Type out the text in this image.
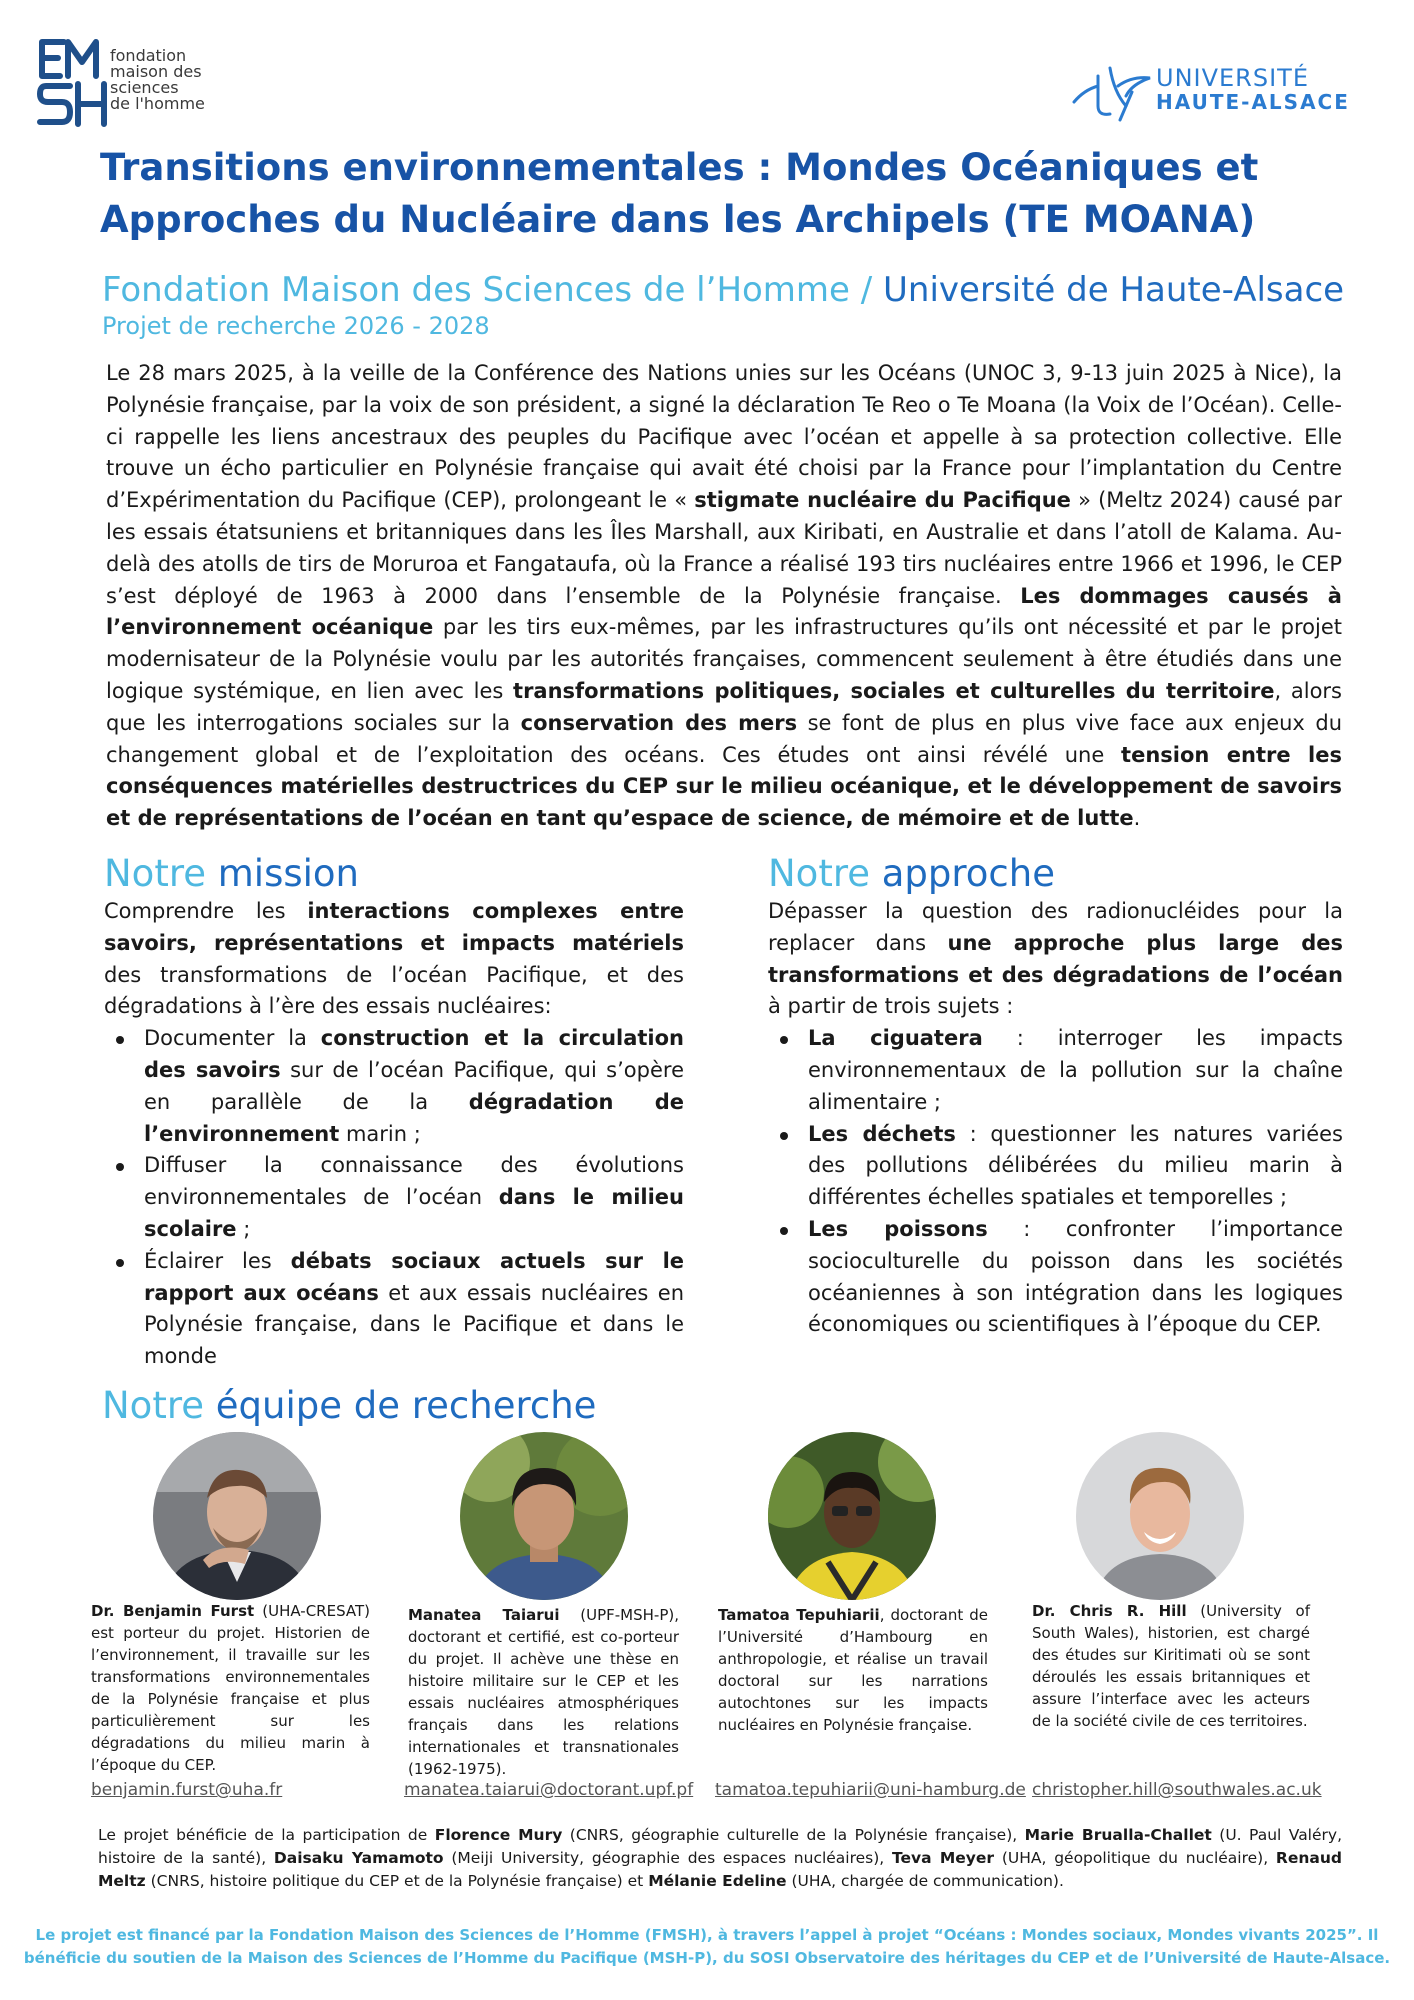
fondation
maison des
sciences
de l'homme
UNIVERSITÉ
HAUTE-ALSACE
Transitions environnementales : Mondes Océaniques et Approches du Nucléaire dans les Archipels (TE MOANA)
Fondation Maison des Sciences de l’Homme / Université de Haute-Alsace
Projet de recherche 2026 - 2028
Le 28 mars 2025, à la veille de la Conférence des Nations unies sur les Océans (UNOC 3, 9-13 juin 2025 à Nice), la Polynésie française, par la voix de son président, a signé la déclaration Te Reo o Te Moana (la Voix de l’Océan). Celle-ci rappelle les liens ancestraux des peuples du Pacifique avec l’océan et appelle à sa protection collective. Elle trouve un écho particulier en Polynésie française qui avait été choisi par la France pour l’implantation du Centre d’Expérimentation du Pacifique (CEP), prolongeant le « stigmate nucléaire du Pacifique » (Meltz 2024) causé par les essais étatsuniens et britanniques dans les Îles Marshall, aux Kiribati, en Australie et dans l’atoll de Kalama. Au-delà des atolls de tirs de Moruroa et Fangataufa, où la France a réalisé 193 tirs nucléaires entre 1966 et 1996, le CEP s’est déployé de 1963 à 2000 dans l’ensemble de la Polynésie française. Les dommages causés à l’environnement océanique par les tirs eux-mêmes, par les infrastructures qu’ils ont nécessité et par le projet modernisateur de la Polynésie voulu par les autorités françaises, commencent seulement à être étudiés dans une logique systémique, en lien avec les transformations politiques, sociales et culturelles du territoire, alors que les interrogations sociales sur la conservation des mers se font de plus en plus vive face aux enjeux du changement global et de l’exploitation des océans. Ces études ont ainsi révélé une tension entre les conséquences matérielles destructrices du CEP sur le milieu océanique, et le développement de savoirs et de représentations de l’océan en tant qu’espace de science, de mémoire et de lutte.
Notre mission
Comprendre les interactions complexes entre savoirs, représentations et impacts matériels des transformations de l’océan Pacifique, et des dégradations à l’ère des essais nucléaires:
Documenter la construction et la circulation des savoirs sur de l’océan Pacifique, qui s’opère en parallèle de la dégradation de l’environnement marin ;
Diffuser la connaissance des évolutions environnementales de l’océan dans le milieu scolaire ;
Éclairer les débats sociaux actuels sur le rapport aux océans et aux essais nucléaires en Polynésie française, dans le Pacifique et dans le monde
Notre approche
Dépasser la question des radionucléides pour la replacer dans une approche plus large des transformations et des dégradations de l’océan à partir de trois sujets :
La ciguatera : interroger les impacts environnementaux de la pollution sur la chaîne alimentaire ;
Les déchets : questionner les natures variées des pollutions délibérées du milieu marin à différentes échelles spatiales et temporelles ;
Les poissons : confronter l’importance socioculturelle du poisson dans les sociétés océaniennes à son intégration dans les logiques économiques ou scientifiques à l’époque du CEP.
Notre équipe de recherche
Dr. Benjamin Furst (UHA-CRESAT) est porteur du projet. Historien de l’environnement, il travaille sur les transformations environnementales de la Polynésie française et plus particulièrement sur les dégradations du milieu marin à l’époque du CEP.
Manatea Taiarui (UPF-MSH-P), doctorant et certifié, est co-porteur du projet. Il achève une thèse en histoire militaire sur le CEP et les essais nucléaires atmosphériques français dans les relations internationales et transnationales (1962-1975).
Tamatoa Tepuhiarii, doctorant de l’Université d’Hambourg en anthropologie, et réalise un travail doctoral sur les narrations autochtones sur les impacts nucléaires en Polynésie française.
Dr. Chris R. Hill (University of South Wales), historien, est chargé des études sur Kiritimati où se sont déroulés les essais britanniques et assure l’interface avec les acteurs de la société civile de ces territoires.
benjamin.furst@uha.fr	manatea.taiarui@doctorant.upf.pf tamatoa.tepuhiarii@uni-hamburg.de christopher.hill@southwales.ac.uk
Le projet bénéficie de la participation de Florence Mury (CNRS, géographie culturelle de la Polynésie française), Marie Bruallа-Challet (U. Paul Valéry, histoire de la santé), Daisaku Yamamoto (Meiji University, géographie des espaces nucléaires), Teva Meyer (UHA, géopolitique du nucléaire), Renaud Meltz (CNRS, histoire politique du CEP et de la Polynésie française) et Mélanie Edeline (UHA, chargée de communication).
Le projet est financé par la Fondation Maison des Sciences de l’Homme (FMSH), à travers l’appel à projet “Océans : Mondes sociaux, Mondes vivants 2025”. Il bénéficie du soutien de la Maison des Sciences de l’Homme du Pacifique (MSH-P), du SOSI Observatoire des héritages du CEP et de l’Université de Haute-Alsace.
